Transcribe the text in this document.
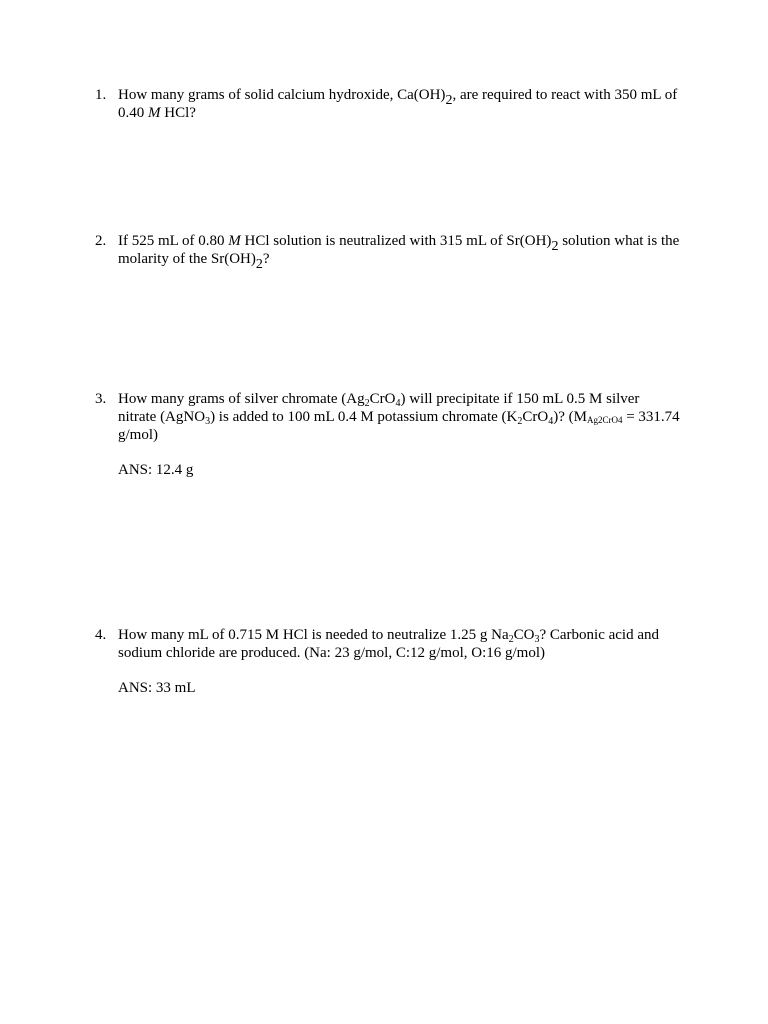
1. How many grams of solid calcium hydroxide, $Ca(OH)_2$, are required to react with 350 mL of 0.40 M HCl?
2. If 525 mL of 0.80 M HCl solution is neutralized with 315 mL of $Sr(OH)_2$ solution what is the molarity of the $Sr(OH)_2$?
3. How many grams of silver chromate $(Ag_2CrO_4)$ will precipitate if 150 mL 0.5 M silver nitrate (AgNO$_3$) is added to 100 mL 0.4 M potassium chromate $(K_2CrO_4)$? ($M_{Ag2CrO4} = 331.74$ g/mol)
ANS: 12.4 g
4. How many mL of 0.715 M HCl is needed to neutralize 1.25 g $Na_2CO_3$? Carbonic acid and sodium chloride are produced. (Na: 23 g/mol, C:12 g/mol, O:16 g/mol)
ANS: 33 mL
